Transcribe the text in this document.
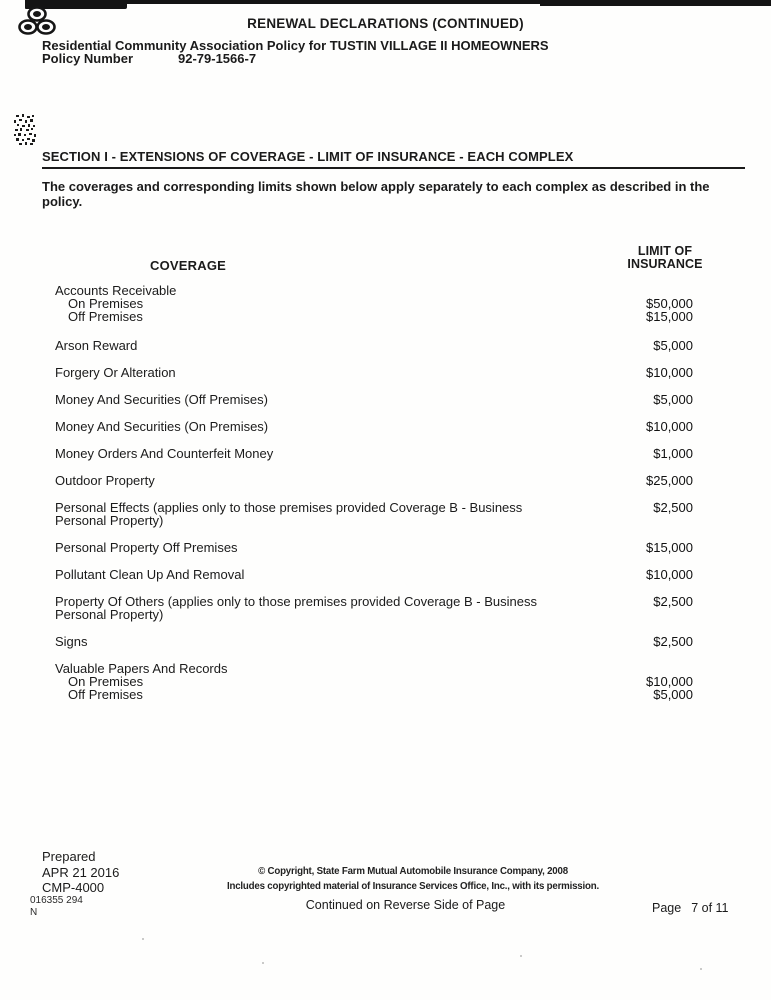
RENEWAL DECLARATIONS (CONTINUED)
Residential Community Association Policy for TUSTIN VILLAGE II HOMEOWNERS
Policy Number	92-79-1566-7
SECTION I - EXTENSIONS OF COVERAGE - LIMIT OF INSURANCE - EACH COMPLEX
The coverages and corresponding limits shown below apply separately to each complex as described in the policy.
COVERAGE
LIMIT OF
INSURANCE
Accounts Receivable
On Premises	$50,000
Off Premises	$15,000
Arson Reward	$5,000
Forgery Or Alteration	$10,000
Money And Securities (Off Premises)	$5,000
Money And Securities (On Premises)	$10,000
Money Orders And Counterfeit Money	$1,000
Outdoor Property	$25,000
Personal Effects (applies only to those premises provided Coverage B - Business Personal Property)
$2,500
Personal Property Off Premises	$15,000
Pollutant Clean Up And Removal	$10,000
Property Of Others (applies only to those premises provided Coverage B - Business Personal Property)
$2,500
Signs	$2,500
Valuable Papers And Records
On Premises	$10,000
Off Premises	$5,000
Prepared
APR 21 2016
CMP-4000
016355 294
N
© Copyright, State Farm Mutual Automobile Insurance Company, 2008
Includes copyrighted material of Insurance Services Office, Inc., with its permission.
Continued on Reverse Side of Page	Page 7 of 11
